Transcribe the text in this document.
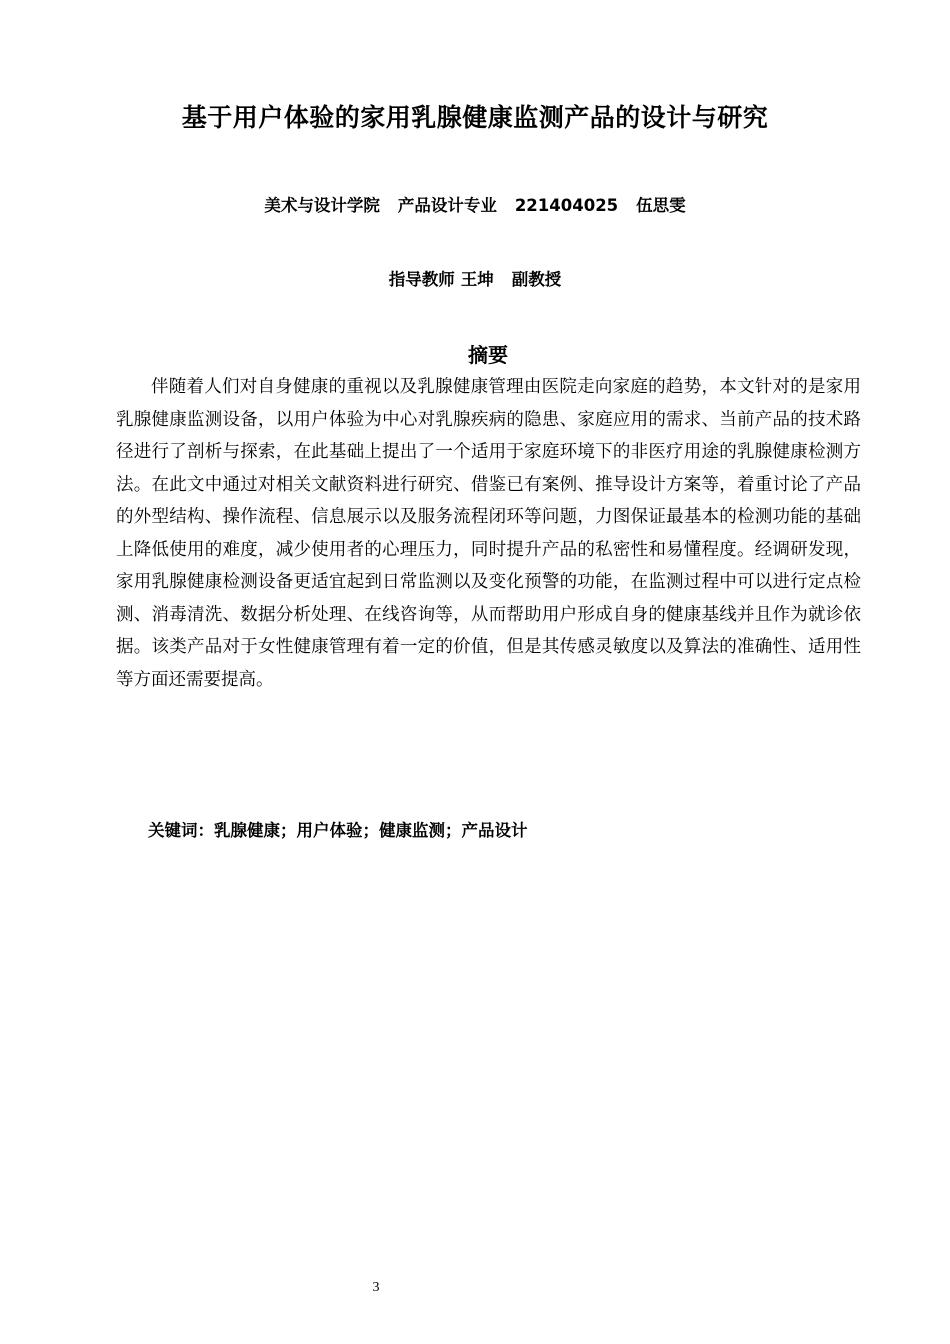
基于用户体验的家用乳腺健康监测产品的设计与研究
美术与设计学院 产品设计专业 221404025 伍思雯
指导教师 王坤 副教授
摘要

伴随着人们对自身健康的重视以及乳腺健康管理由医院走向家庭的趋势，本文针对的是家用乳腺健康监测设备，以用户体验为中心对乳腺疾病的隐患、家庭应用的需求、当前产品的技术路径进行了剖析与探索，在此基础上提出了一个适用于家庭环境下的非医疗用途的乳腺健康检测方法。在此文中通过对相关文献资料进行研究、借鉴已有案例、推导设计方案等，着重讨论了产品的外型结构、操作流程、信息展示以及服务流程闭环等问题，力图保证最基本的检测功能的基础上降低使用的难度，减少使用者的心理压力，同时提升产品的私密性和易懂程度。经调研发现，家用乳腺健康检测设备更适宜起到日常监测以及变化预警的功能，在监测过程中可以进行定点检测、消毒清洗、数据分析处理、在线咨询等，从而帮助用户形成自身的健康基线并且作为就诊依据。该类产品对于女性健康管理有着一定的价值，但是其传感灵敏度以及算法的准确性、适用性等方面还需要提高。

关键词：乳腺健康；用户体验；健康监测；产品设计
3
